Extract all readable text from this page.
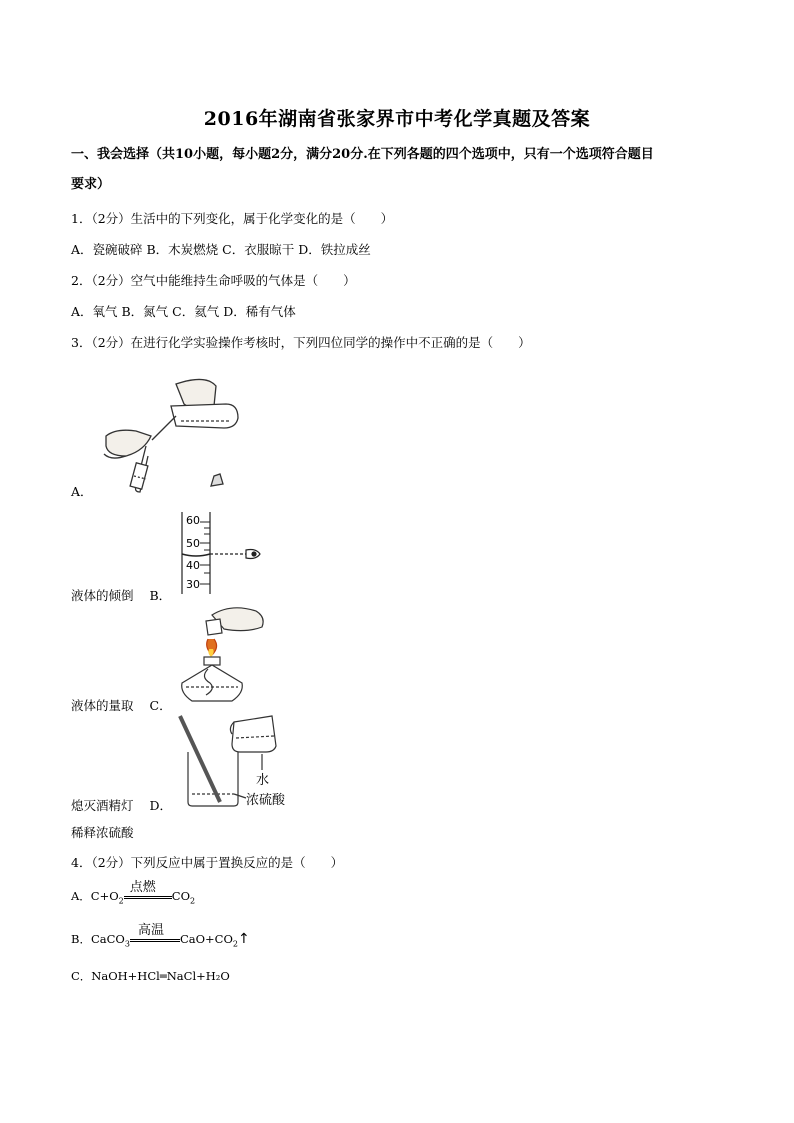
2016年湖南省张家界市中考化学真题及答案
一、我会选择（共10小题，每小题2分，满分20分.在下列各题的四个选项中，只有一个选项符合题目
要求）
1．（2分）生活中的下列变化，属于化学变化的是（　　）
A．瓷碗破碎 B．木炭燃烧 C．衣服晾干 D．铁拉成丝
2．（2分）空气中能维持生命呼吸的气体是（　　）
A．氧气 B．氮气 C．氦气 D．稀有气体
3．（2分）在进行化学实验操作考核时，下列四位同学的操作中不正确的是（　　）
A．
60
50
40
30
液体的倾倒 B．
液体的量取 C．
水
浓硫酸
熄灭酒精灯 D．
稀释浓硫酸
4．（2分）下列反应中属于置换反应的是（　　）
A．$C+O_2$
点燃
$CO_2$
B．CaCO$_3$
高温
$CaO+CO_2↑$
C．NaOH+HCl═NaCl+H₂O
